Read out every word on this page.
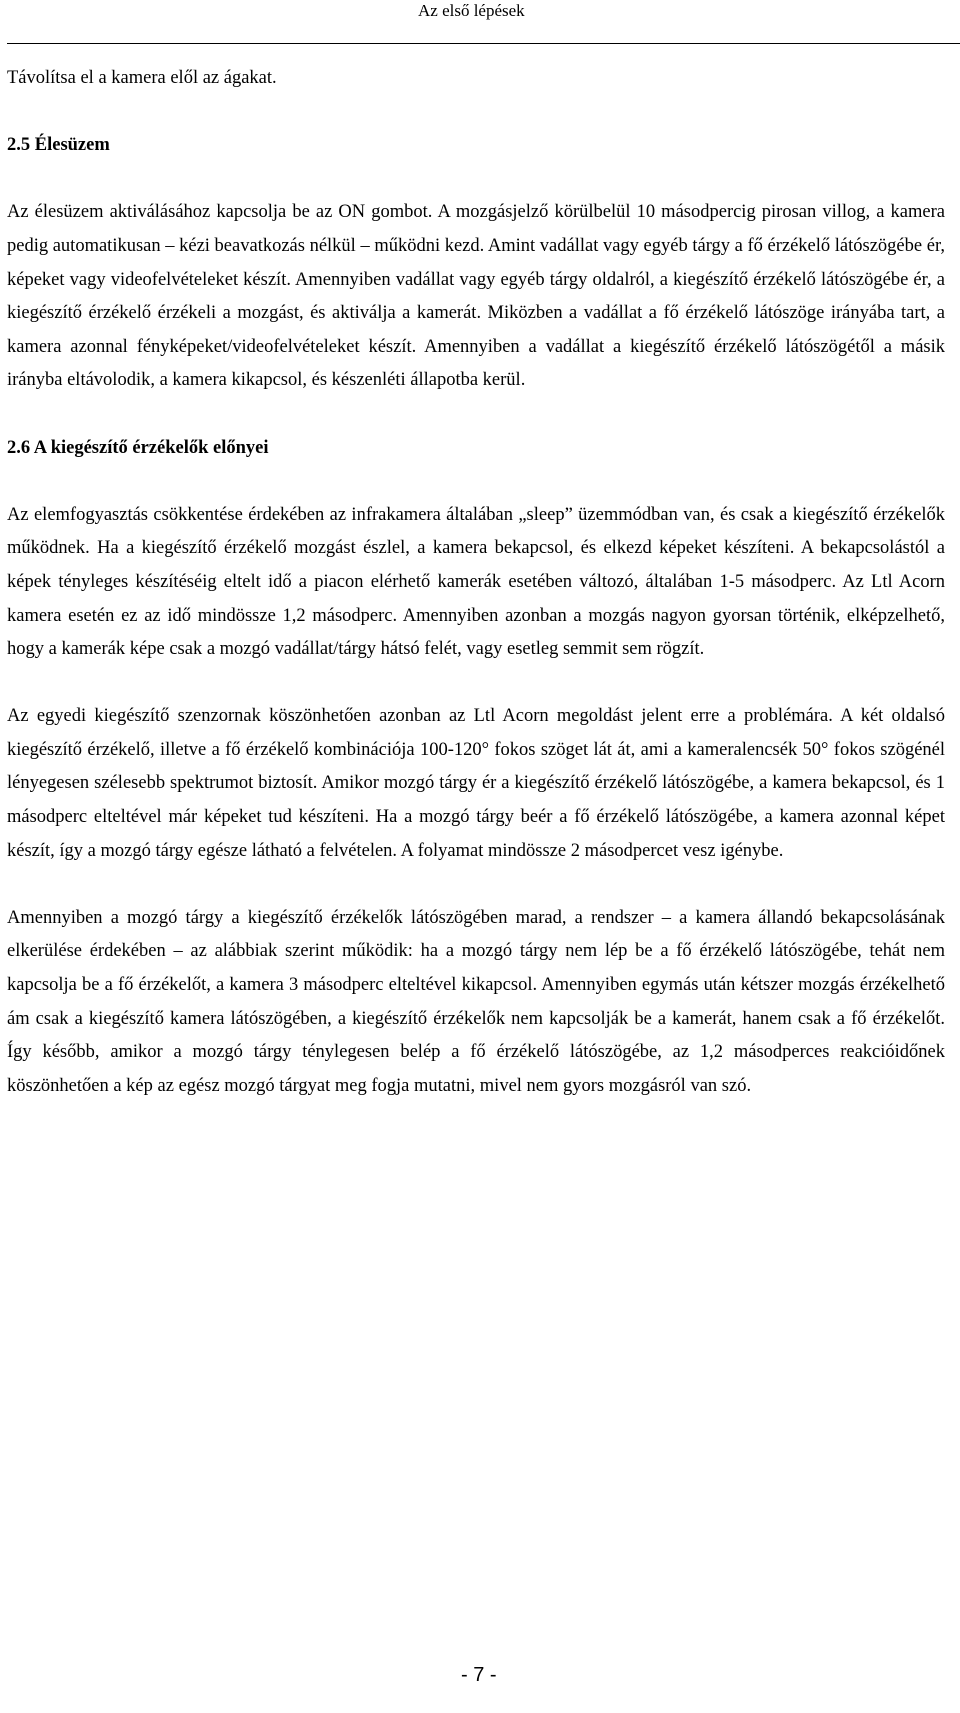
Az első lépések

Távolítsa el a kamera elől az ágakat.

2.5 Élesüzem

Az élesüzem aktiválásához kapcsolja be az ON gombot. A mozgásjelző körülbelül 10 másodpercig pirosan villog, a kamera pedig automatikusan – kézi beavatkozás nélkül – működni kezd. Amint vadállat vagy egyéb tárgy a fő érzékelő látószögébe ér, képeket vagy videofelvételeket készít. Amennyiben vadállat vagy egyéb tárgy oldalról, a kiegészítő érzékelő látószögébe ér, a kiegészítő érzékelő érzékeli a mozgást, és aktiválja a kamerát. Miközben a vadállat a fő érzékelő látószöge irányába tart, a kamera azonnal fényképeket/videofelvételeket készít. Amennyiben a vadállat a kiegészítő érzékelő látószögétől a másik irányba eltávolodik, a kamera kikapcsol, és készenléti állapotba kerül.

2.6 A kiegészítő érzékelők előnyei

Az elemfogyasztás csökkentése érdekében az infrakamera általában „sleep” üzemmódban van, és csak a kiegészítő érzékelők működnek. Ha a kiegészítő érzékelő mozgást észlel, a kamera bekapcsol, és elkezd képeket készíteni. A bekapcsolástól a képek tényleges készítéséig eltelt idő a piacon elérhető kamerák esetében változó, általában 1-5 másodperc. Az Ltl Acorn kamera esetén ez az idő mindössze 1,2 másodperc. Amennyiben azonban a mozgás nagyon gyorsan történik, elképzelhető, hogy a kamerák képe csak a mozgó vadállat/tárgy hátsó felét, vagy esetleg semmit sem rögzít.

Az egyedi kiegészítő szenzornak köszönhetően azonban az Ltl Acorn megoldást jelent erre a problémára. A két oldalsó kiegészítő érzékelő, illetve a fő érzékelő kombinációja 100-120° fokos szöget lát át, ami a kameralencsék 50° fokos szögénél lényegesen szélesebb spektrumot biztosít. Amikor mozgó tárgy ér a kiegészítő érzékelő látószögébe, a kamera bekapcsol, és 1 másodperc elteltével már képeket tud készíteni. Ha a mozgó tárgy beér a fő érzékelő látószögébe, a kamera azonnal képet készít, így a mozgó tárgy egésze látható a felvételen. A folyamat mindössze 2 másodpercet vesz igénybe.

Amennyiben a mozgó tárgy a kiegészítő érzékelők látószögében marad, a rendszer – a kamera állandó bekapcsolásának elkerülése érdekében – az alábbiak szerint működik: ha a mozgó tárgy nem lép be a fő érzékelő látószögébe, tehát nem kapcsolja be a fő érzékelőt, a kamera 3 másodperc elteltével kikapcsol. Amennyiben egymás után kétszer mozgás érzékelhető ám csak a kiegészítő kamera látószögében, a kiegészítő érzékelők nem kapcsolják be a kamerát, hanem csak a fő érzékelőt. Így később, amikor a mozgó tárgy ténylegesen belép a fő érzékelő látószögébe, az 1,2 másodperces reakcióidőnek köszönhetően a kép az egész mozgó tárgyat meg fogja mutatni, mivel nem gyors mozgásról van szó.

- 7 -
